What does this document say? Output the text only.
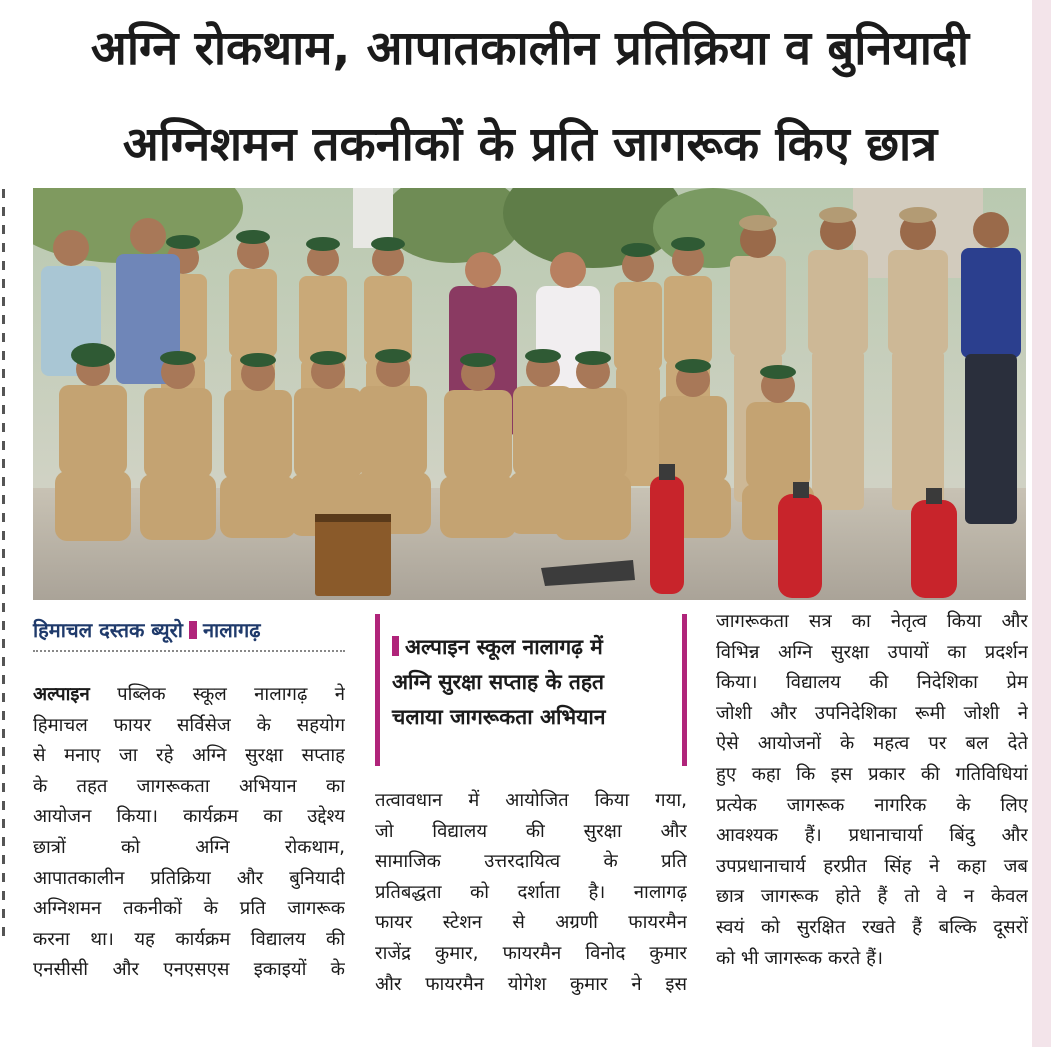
अग्नि रोकथाम, आपातकालीन प्रतिक्रिया व बुनियादी
अग्निशमन तकनीकों के प्रति जागरूक किए छात्र
हिमाचल दस्तक ब्यूरो नालागढ़
अल्पाइन पब्लिक स्कूल नालागढ़ ने
हिमाचल फायर सर्विसेज के सहयोग
से मनाए जा रहे अग्नि सुरक्षा सप्ताह
के तहत जागरूकता अभियान का
आयोजन किया। कार्यक्रम का उद्देश्य
छात्रों को अग्नि रोकथाम,
आपातकालीन प्रतिक्रिया और बुनियादी
अग्निशमन तकनीकों के प्रति जागरूक
करना था। यह कार्यक्रम विद्यालय की
एनसीसी और एनएसएस इकाइयों के
अल्पाइन स्कूल नालागढ़ में
अग्नि सुरक्षा सप्ताह के तहत
चलाया जागरूकता अभियान
तत्वावधान में आयोजित किया गया,
जो विद्यालय की सुरक्षा और
सामाजिक उत्तरदायित्व के प्रति
प्रतिबद्धता को दर्शाता है। नालागढ़
फायर स्टेशन से अग्रणी फायरमैन
राजेंद्र कुमार, फायरमैन विनोद कुमार
और फायरमैन योगेश कुमार ने इस
जागरूकता सत्र का नेतृत्व किया और
विभिन्न अग्नि सुरक्षा उपायों का प्रदर्शन
किया। विद्यालय की निदेशिका प्रेम
जोशी और उपनिदेशिका रूमी जोशी ने
ऐसे आयोजनों के महत्व पर बल देते
हुए कहा कि इस प्रकार की गतिविधियां
प्रत्येक जागरूक नागरिक के लिए
आवश्यक हैं। प्रधानाचार्या बिंदु और
उपप्रधानाचार्य हरप्रीत सिंह ने कहा जब
छात्र जागरूक होते हैं तो वे न केवल
स्वयं को सुरक्षित रखते हैं बल्कि दूसरों
को भी जागरूक करते हैं।
